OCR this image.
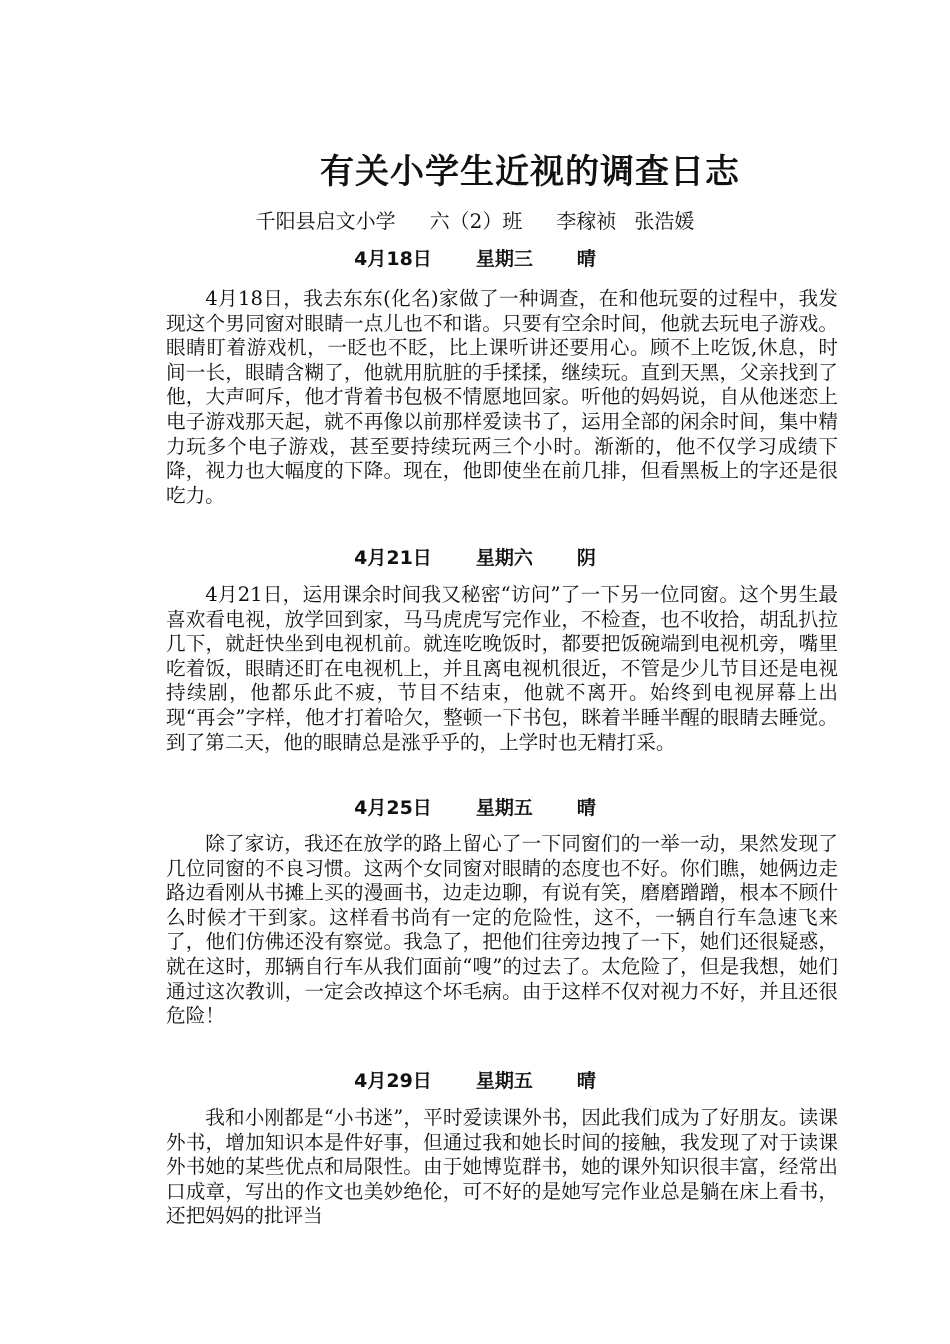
有关小学生近视的调查日志
千阳县启文小学 六（2）班 李稼祯 张浩媛
4月18日 星期三 晴

4月18日，我去东东(化名)家做了一种调查，在和他玩耍的过程中，我发现这个男同窗对眼睛一点儿也不和谐。只要有空余时间，他就去玩电子游戏。眼睛盯着游戏机，一眨也不眨，比上课听讲还要用心。顾不上吃饭,休息，时间一长，眼睛含糊了，他就用肮脏的手揉揉，继续玩。直到天黑，父亲找到了他，大声呵斥，他才背着书包极不情愿地回家。听他的妈妈说，自从他迷恋上电子游戏那天起，就不再像以前那样爱读书了，运用全部的闲余时间，集中精力玩多个电子游戏，甚至要持续玩两三个小时。渐渐的，他不仅学习成绩下降，视力也大幅度的下降。现在，他即使坐在前几排，但看黑板上的字还是很吃力。

4月21日 星期六 阴

4月21日，运用课余时间我又秘密“访问”了一下另一位同窗。这个男生最喜欢看电视，放学回到家，马马虎虎写完作业，不检查，也不收拾，胡乱扒拉几下，就赶快坐到电视机前。就连吃晚饭时，都要把饭碗端到电视机旁，嘴里吃着饭，眼睛还盯在电视机上，并且离电视机很近，不管是少儿节目还是电视持续剧，他都乐此不疲，节目不结束，他就不离开。始终到电视屏幕上出现“再会”字样，他才打着哈欠，整顿一下书包，眯着半睡半醒的眼睛去睡觉。到了第二天，他的眼睛总是涨乎乎的，上学时也无精打采。

4月25日 星期五 晴

除了家访，我还在放学的路上留心了一下同窗们的一举一动，果然发现了几位同窗的不良习惯。这两个女同窗对眼睛的态度也不好。你们瞧，她俩边走路边看刚从书摊上买的漫画书，边走边聊，有说有笑，磨磨蹭蹭，根本不顾什么时候才干到家。这样看书尚有一定的危险性，这不，一辆自行车急速飞来了，他们仿佛还没有察觉。我急了，把他们往旁边拽了一下，她们还很疑惑，就在这时，那辆自行车从我们面前“嗖”的过去了。太危险了，但是我想，她们通过这次教训，一定会改掉这个坏毛病。由于这样不仅对视力不好，并且还很危险！

4月29日 星期五 晴

我和小刚都是“小书迷”，平时爱读课外书，因此我们成为了好朋友。读课外书，增加知识本是件好事，但通过我和她长时间的接触，我发现了对于读课外书她的某些优点和局限性。由于她博览群书，她的课外知识很丰富，经常出口成章，写出的作文也美妙绝伦，可不好的是她写完作业总是躺在床上看书，还把妈妈的批评当
